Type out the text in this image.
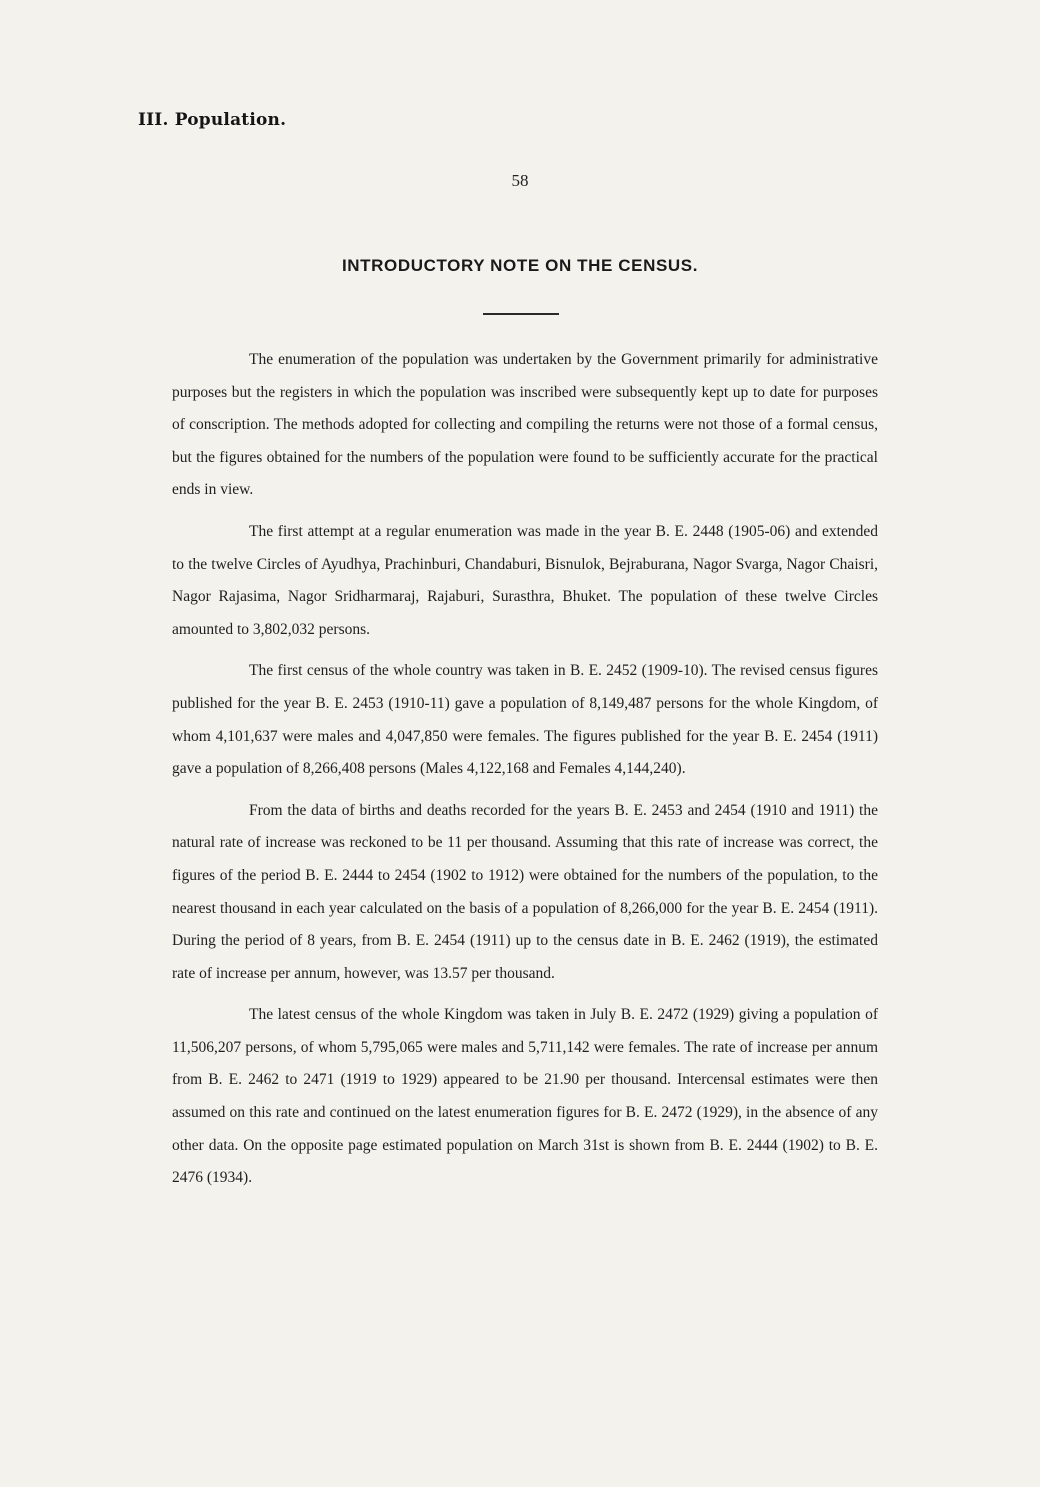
III. Population.
58
INTRODUCTORY NOTE ON THE CENSUS.

The enumeration of the population was undertaken by the Government primarily for administrative purposes but the registers in which the population was inscribed were subsequently kept up to date for purposes of conscription. The methods adopted for collecting and compiling the returns were not those of a formal census, but the figures obtained for the numbers of the population were found to be sufficiently accurate for the practical ends in view.

The first attempt at a regular enumeration was made in the year B. E. 2448 (1905-06) and extended to the twelve Circles of Ayudhya, Prachinburi, Chandaburi, Bisnulok, Bejraburana, Nagor Svarga, Nagor Chaisri, Nagor Rajasima, Nagor Sridharmaraj, Rajaburi, Surasthra, Bhuket. The population of these twelve Circles amounted to 3,802,032 persons.

The first census of the whole country was taken in B. E. 2452 (1909-10). The revised census figures published for the year B. E. 2453 (1910-11) gave a population of 8,149,487 persons for the whole Kingdom, of whom 4,101,637 were males and 4,047,850 were females. The figures published for the year B. E. 2454 (1911) gave a population of 8,266,408 persons (Males 4,122,168 and Females 4,144,240).

From the data of births and deaths recorded for the years B. E. 2453 and 2454 (1910 and 1911) the natural rate of increase was reckoned to be 11 per thousand. Assuming that this rate of increase was correct, the figures of the period B. E. 2444 to 2454 (1902 to 1912) were obtained for the numbers of the population, to the nearest thousand in each year calculated on the basis of a population of 8,266,000 for the year B. E. 2454 (1911). During the period of 8 years, from B. E. 2454 (1911) up to the census date in B. E. 2462 (1919), the estimated rate of increase per annum, however, was 13.57 per thousand.

The latest census of the whole Kingdom was taken in July B. E. 2472 (1929) giving a population of 11,506,207 persons, of whom 5,795,065 were males and 5,711,142 were females. The rate of increase per annum from B. E. 2462 to 2471 (1919 to 1929) appeared to be 21.90 per thousand. Intercensal estimates were then assumed on this rate and continued on the latest enumeration figures for B. E. 2472 (1929), in the absence of any other data. On the opposite page estimated population on March 31st is shown from B. E. 2444 (1902) to B. E. 2476 (1934).
